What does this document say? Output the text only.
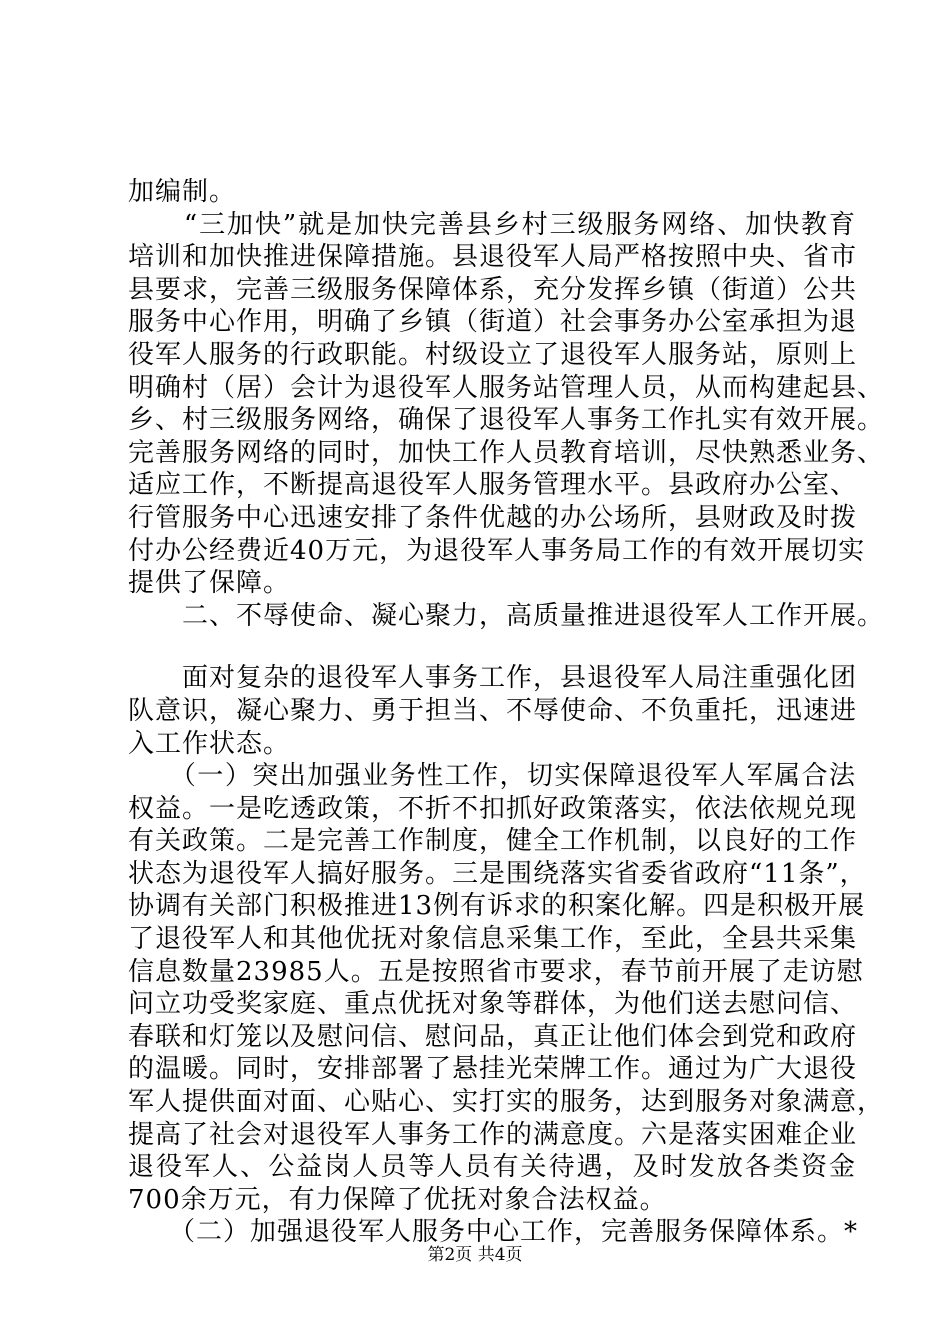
加编制。
　　“三加快”就是加快完善县乡村三级服务网络、加快教育
培训和加快推进保障措施。县退役军人局严格按照中央、省市
县要求，完善三级服务保障体系，充分发挥乡镇（街道）公共
服务中心作用，明确了乡镇（街道）社会事务办公室承担为退
役军人服务的行政职能。村级设立了退役军人服务站，原则上
明确村（居）会计为退役军人服务站管理人员，从而构建起县、
乡、村三级服务网络，确保了退役军人事务工作扎实有效开展。
完善服务网络的同时，加快工作人员教育培训，尽快熟悉业务、
适应工作，不断提高退役军人服务管理水平。县政府办公室、
行管服务中心迅速安排了条件优越的办公场所，县财政及时拨
付办公经费近40万元，为退役军人事务局工作的有效开展切实
提供了保障。
　　二、不辱使命、凝心聚力，高质量推进退役军人工作开展。
　　面对复杂的退役军人事务工作，县退役军人局注重强化团
队意识，凝心聚力、勇于担当、不辱使命、不负重托，迅速进
入工作状态。
　　（一）突出加强业务性工作，切实保障退役军人军属合法
权益。一是吃透政策，不折不扣抓好政策落实，依法依规兑现
有关政策。二是完善工作制度，健全工作机制，以良好的工作
状态为退役军人搞好服务。三是围绕落实省委省政府“11条”，
协调有关部门积极推进13例有诉求的积案化解。四是积极开展
了退役军人和其他优抚对象信息采集工作，至此，全县共采集
信息数量23985人。五是按照省市要求，春节前开展了走访慰
问立功受奖家庭、重点优抚对象等群体，为他们送去慰问信、
春联和灯笼以及慰问信、慰问品，真正让他们体会到党和政府
的温暖。同时，安排部署了悬挂光荣牌工作。通过为广大退役
军人提供面对面、心贴心、实打实的服务，达到服务对象满意，
提高了社会对退役军人事务工作的满意度。六是落实困难企业
退役军人、公益岗人员等人员有关待遇，及时发放各类资金
700余万元，有力保障了优抚对象合法权益。
　　（二）加强退役军人服务中心工作，完善服务保障体系。*
第2页 共4页
